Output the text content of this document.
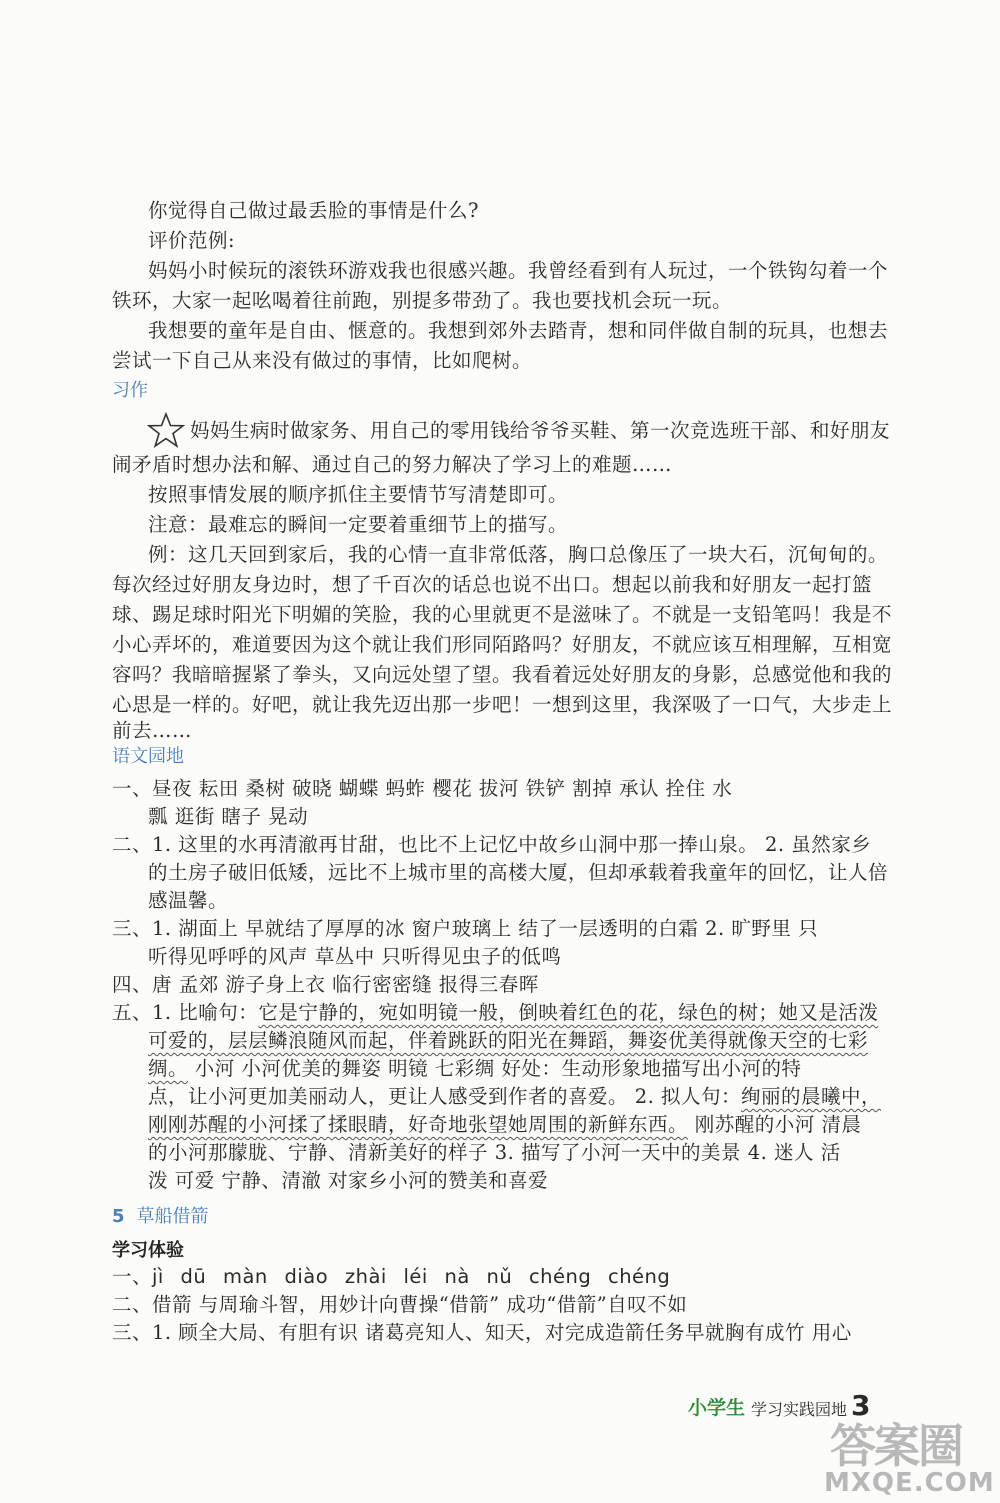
你觉得自己做过最丢脸的事情是什么?
评价范例:
妈妈小时候玩的滚铁环游戏我也很感兴趣。我曾经看到有人玩过，一个铁钩勾着一个
铁环，大家一起吆喝着往前跑，别提多带劲了。我也要找机会玩一玩。
我想要的童年是自由、惬意的。我想到郊外去踏青，想和同伴做自制的玩具，也想去
尝试一下自己从来没有做过的事情，比如爬树。
习作
妈妈生病时做家务、用自己的零用钱给爷爷买鞋、第一次竞选班干部、和好朋友
闹矛盾时想办法和解、通过自己的努力解决了学习上的难题……
按照事情发展的顺序抓住主要情节写清楚即可。
注意：最难忘的瞬间一定要着重细节上的描写。
例：这几天回到家后，我的心情一直非常低落，胸口总像压了一块大石，沉甸甸的。
每次经过好朋友身边时，想了千百次的话总也说不出口。想起以前我和好朋友一起打篮
球、踢足球时阳光下明媚的笑脸，我的心里就更不是滋味了。不就是一支铅笔吗！我是不
小心弄坏的，难道要因为这个就让我们形同陌路吗？好朋友，不就应该互相理解，互相宽
容吗？我暗暗握紧了拳头，又向远处望了望。我看着远处好朋友的身影，总感觉他和我的
心思是一样的。好吧，就让我先迈出那一步吧！一想到这里，我深吸了一口气，大步走上
前去……
语文园地
一、昼夜 耘田 桑树 破晓 蝴蝶 蚂蚱 樱花 拔河 铁铲 割掉 承认 拴住 水
瓢 逛街 瞎子 晃动
二、1. 这里的水再清澈再甘甜，也比不上记忆中故乡山洞中那一捧山泉。 2. 虽然家乡
的土房子破旧低矮，远比不上城市里的高楼大厦，但却承载着我童年的回忆，让人倍
感温馨。
三、1. 湖面上 早就结了厚厚的冰 窗户玻璃上 结了一层透明的白霜 2. 旷野里 只
听得见呼呼的风声 草丛中 只听得见虫子的低鸣
四、唐 孟郊 游子身上衣 临行密密缝 报得三春晖
五、1. 比喻句：它是宁静的，宛如明镜一般，倒映着红色的花，绿色的树；她又是活泼
可爱的，层层鳞浪随风而起，伴着跳跃的阳光在舞蹈，舞姿优美得就像天空的七彩
绸。 小河 小河优美的舞姿 明镜 七彩绸 好处：生动形象地描写出小河的特
点，让小河更加美丽动人，更让人感受到作者的喜爱。 2. 拟人句：绚丽的晨曦中，
刚刚苏醒的小河揉了揉眼睛，好奇地张望她周围的新鲜东西。 刚苏醒的小河 清晨
的小河那朦胧、宁静、清新美好的样子 3. 描写了小河一天中的美景 4. 迷人 活
泼 可爱 宁静、清澈 对家乡小河的赞美和喜爱
5 草船借箭
学习体验
一、jì dū màn diào zhài léi nà nǔ chéng chéng
二、借箭 与周瑜斗智，用妙计向曹操“借箭” 成功“借箭”自叹不如
三、1. 顾全大局、有胆有识 诸葛亮知人、知天，对完成造箭任务早就胸有成竹 用心
小学生 学习实践园地 3
答案圈
MXQE.COM
